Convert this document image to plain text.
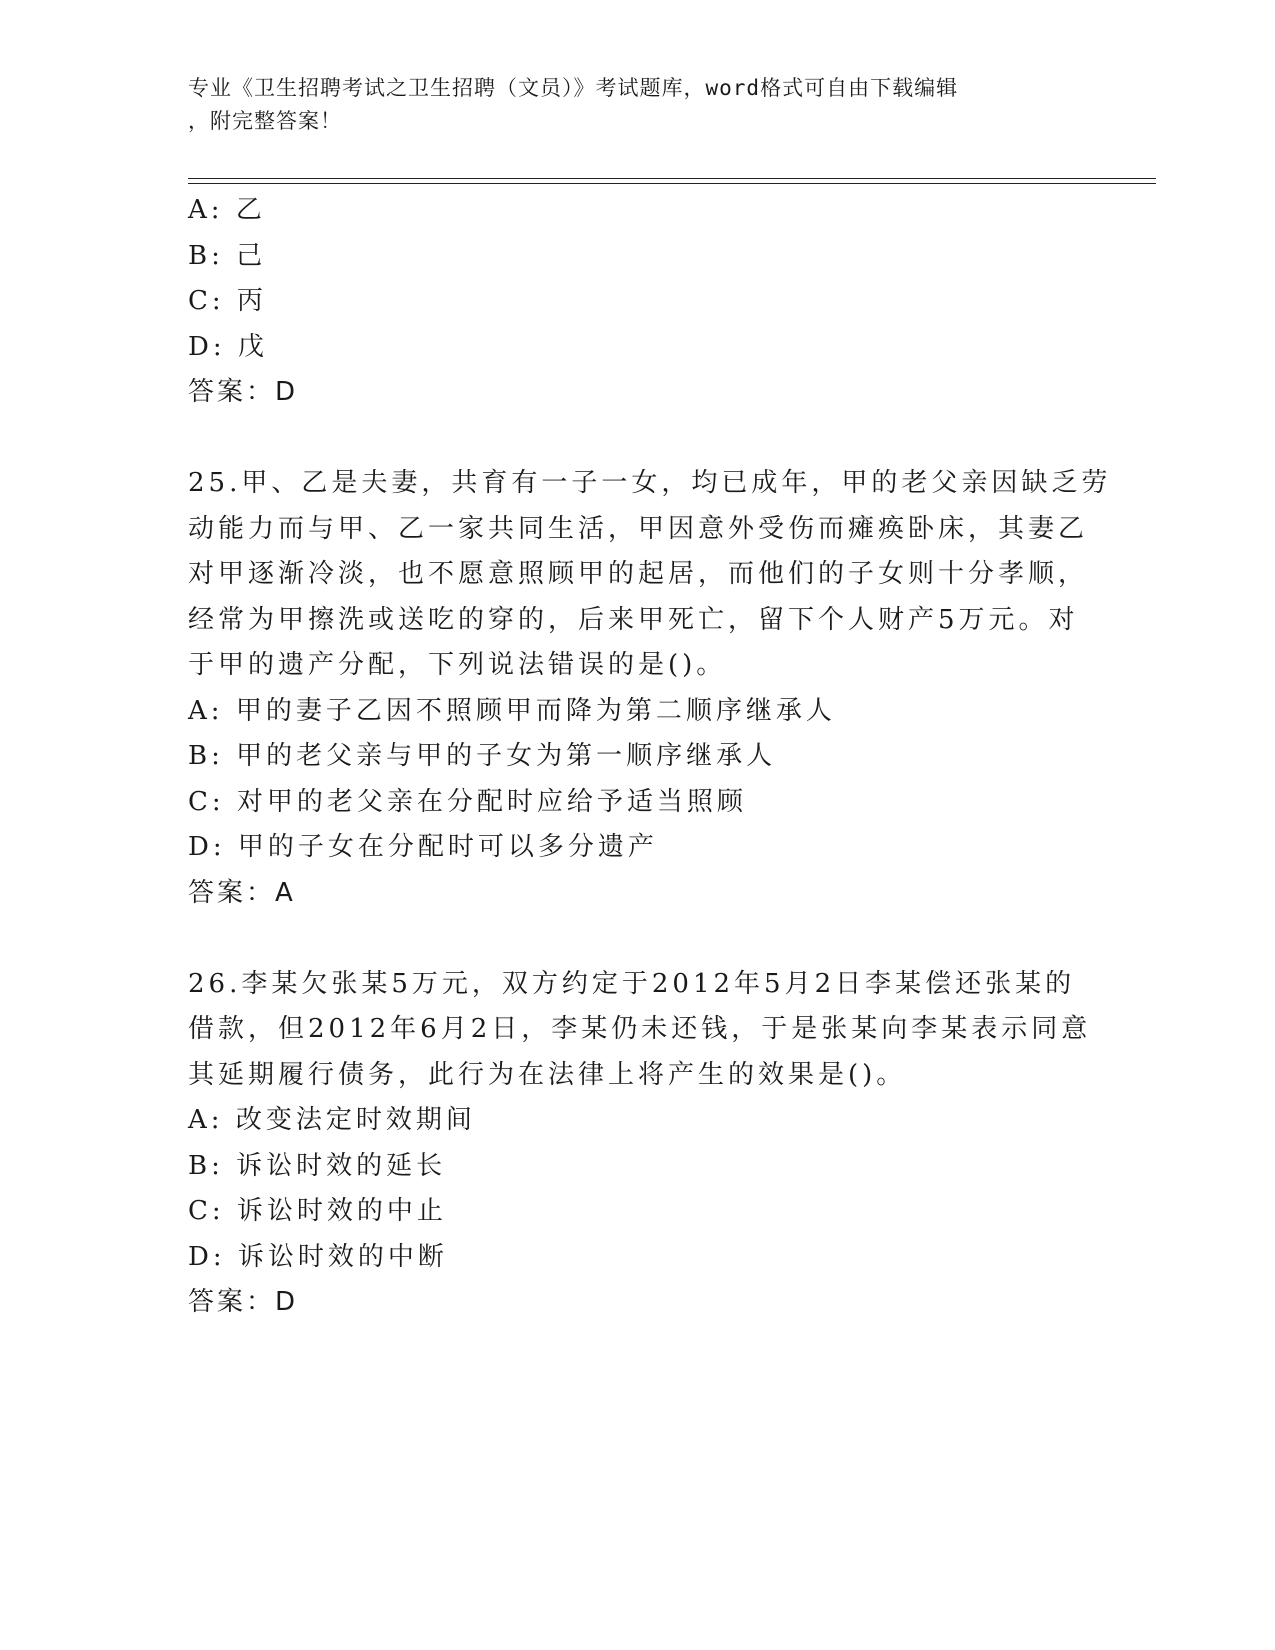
专业《卫生招聘考试之卫生招聘（文员）》考试题库，word格式可自由下载编辑
，附完整答案！
A: 乙
B: 己
C: 丙
D: 戊
答案：D
25.甲、乙是夫妻，共育有一子一女，均已成年，甲的老父亲因缺乏劳
动能力而与甲、乙一家共同生活，甲因意外受伤而瘫痪卧床，其妻乙
对甲逐渐冷淡，也不愿意照顾甲的起居，而他们的子女则十分孝顺，
经常为甲擦洗或送吃的穿的，后来甲死亡，留下个人财产5万元。对
于甲的遗产分配，下列说法错误的是()。
A: 甲的妻子乙因不照顾甲而降为第二顺序继承人
B: 甲的老父亲与甲的子女为第一顺序继承人
C: 对甲的老父亲在分配时应给予适当照顾
D: 甲的子女在分配时可以多分遗产
答案：A
26.李某欠张某5万元，双方约定于2012年5月2日李某偿还张某的
借款，但2012年6月2日，李某仍未还钱，于是张某向李某表示同意
其延期履行债务，此行为在法律上将产生的效果是()。
A: 改变法定时效期间
B: 诉讼时效的延长
C: 诉讼时效的中止
D: 诉讼时效的中断
答案：D
